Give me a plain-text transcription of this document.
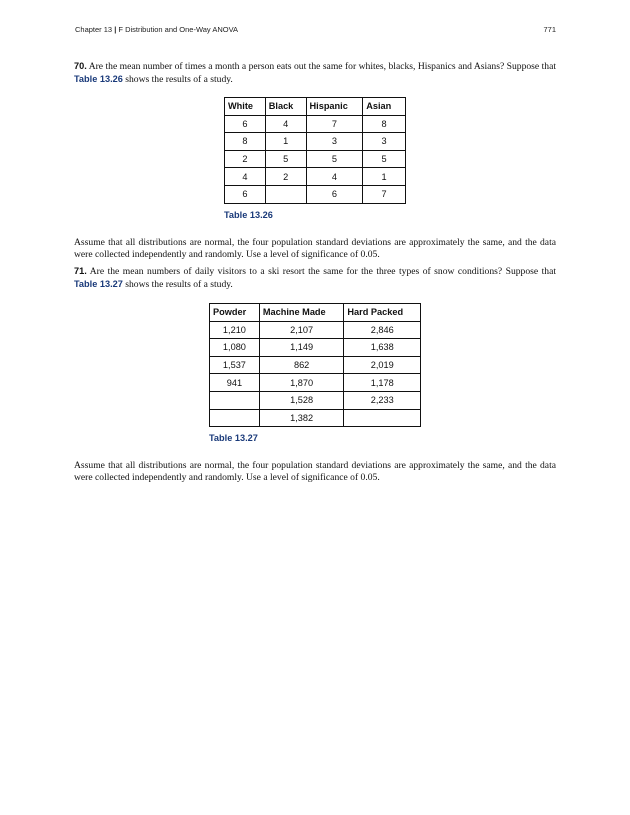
Chapter 13 | F Distribution and One-Way ANOVA	771

70. Are the mean number of times a month a person eats out the same for whites, blacks, Hispanics and Asians? Suppose that Table 13.26 shows the results of a study.

White	Black	Hispanic	Asian
6	4	7	8
8	1	3	3
2	5	5	5
4	2	4	1
6		6	7
Table 13.26

Assume that all distributions are normal, the four population standard deviations are approximately the same, and the data were collected independently and randomly. Use a level of significance of 0.05.

71. Are the mean numbers of daily visitors to a ski resort the same for the three types of snow conditions? Suppose that Table 13.27 shows the results of a study.

Powder	Machine Made	Hard Packed
1,210	2,107	2,846
1,080	1,149	1,638
1,537	862	2,019
941	1,870	1,178
	1,528	2,233
	1,382	
Table 13.27

Assume that all distributions are normal, the four population standard deviations are approximately the same, and the data were collected independently and randomly. Use a level of significance of 0.05.
